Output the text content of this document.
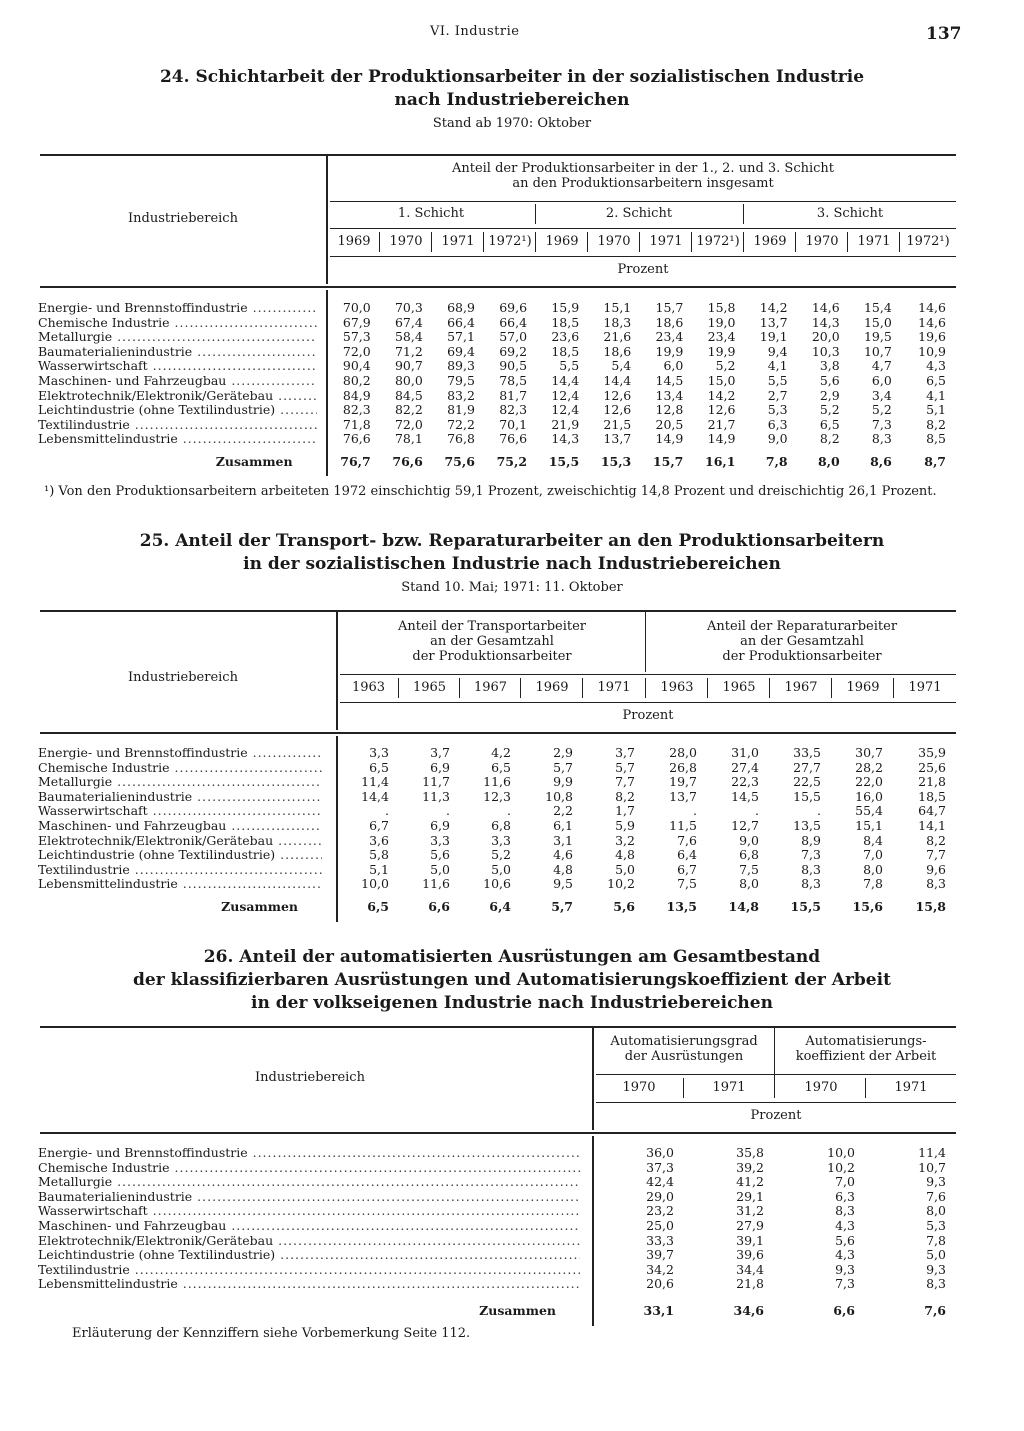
VI. Industrie	137
24. Schichtarbeit der Produktionsarbeiter in der sozialistischen Industrie
nach Industriebereichen
Stand ab 1970: Oktober
Industriebereich
Anteil der Produktionsarbeiter in der 1., 2. und 3. Schicht
an den Produktionsarbeitern insgesamt
1. Schicht	2. Schicht	3. Schicht
1969	1970	1971	1972¹)	1969	1970	1971	1972¹)	1969	1970	1971	1972¹)
Prozent
Energie- und Brennstoffindustrie .....		70,0	70,3	68,9	69,6	15,9	15,1	15,7	15,8	14,2	14,6	15,4	14,6
Chemische Industrie .....		67,9	67,4	66,4	66,4	18,5	18,3	18,6	19,0	13,7	14,3	15,0	14,6
Metallurgie .....		57,3	58,4	57,1	57,0	23,6	21,6	23,4	23,4	19,1	20,0	19,5	19,6
Baumaterialienindustrie .....		72,0	71,2	69,4	69,2	18,5	18,6	19,9	19,9	9,4	10,3	10,7	10,9
Wasserwirtschaft .....		90,4	90,7	89,3	90,5	5,5	5,4	6,0	5,2	4,1	3,8	4,7	4,3
Maschinen- und Fahrzeugbau .....		80,2	80,0	79,5	78,5	14,4	14,4	14,5	15,0	5,5	5,6	6,0	6,5
Elektrotechnik/Elektronik/Gerätebau .....		84,9	84,5	83,2	81,7	12,4	12,6	13,4	14,2	2,7	2,9	3,4	4,1
Leichtindustrie (ohne Textilindustrie) .....		82,3	82,2	81,9	82,3	12,4	12,6	12,8	12,6	5,3	5,2	5,2	5,1
Textilindustrie .....		71,8	72,0	72,2	70,1	21,9	21,5	20,5	21,7	6,3	6,5	7,3	8,2
Lebensmittelindustrie .....		76,6	78,1	76,8	76,6	14,3	13,7	14,9	14,9	9,0	8,2	8,3	8,5
Zusammen		76,7	76,6	75,6	75,2	15,5	15,3	15,7	16,1	7,8	8,0	8,6	8,7
¹) Von den Produktionsarbeitern arbeiteten 1972 einschichtig 59,1 Prozent, zweischichtig 14,8 Prozent und dreischichtig 26,1 Prozent.
25. Anteil der Transport- bzw. Reparaturarbeiter an den Produktionsarbeitern
in der sozialistischen Industrie nach Industriebereichen
Stand 10. Mai; 1971: 11. Oktober
Industriebereich
Anteil der Transportarbeiter
an der Gesamtzahl
der Produktionsarbeiter
Anteil der Reparaturarbeiter
an der Gesamtzahl
der Produktionsarbeiter
1963	1965	1967	1969	1971	1963	1965	1967	1969	1971
Prozent
Energie- und Brennstoffindustrie .....		3,3	3,7	4,2	2,9	3,7	28,0	31,0	33,5	30,7	35,9
Chemische Industrie .....		6,5	6,9	6,5	5,7	5,7	26,8	27,4	27,7	28,2	25,6
Metallurgie .....		11,4	11,7	11,6	9,9	7,7	19,7	22,3	22,5	22,0	21,8
Baumaterialienindustrie .....		14,4	11,3	12,3	10,8	8,2	13,7	14,5	15,5	16,0	18,5
Wasserwirtschaft .....		.	.	.	2,2	1,7	.	.	.	55,4	64,7
Maschinen- und Fahrzeugbau .....		6,7	6,9	6,8	6,1	5,9	11,5	12,7	13,5	15,1	14,1
Elektrotechnik/Elektronik/Gerätebau .....		3,6	3,3	3,3	3,1	3,2	7,6	9,0	8,9	8,4	8,2
Leichtindustrie (ohne Textilindustrie) .....		5,8	5,6	5,2	4,6	4,8	6,4	6,8	7,3	7,0	7,7
Textilindustrie .....		5,1	5,0	5,0	4,8	5,0	6,7	7,5	8,3	8,0	9,6
Lebensmittelindustrie .....		10,0	11,6	10,6	9,5	10,2	7,5	8,0	8,3	7,8	8,3
Zusammen		6,5	6,6	6,4	5,7	5,6	13,5	14,8	15,5	15,6	15,8
26. Anteil der automatisierten Ausrüstungen am Gesamtbestand
der klassifizierbaren Ausrüstungen und Automatisierungskoeffizient der Arbeit
in der volkseigenen Industrie nach Industriebereichen
Industriebereich
Automatisierungsgrad
der Ausrüstungen
Automatisierungs-
koeffizient der Arbeit
1970	1971	1970	1971
Prozent
Energie- und Brennstoffindustrie .....		36,0	35,8	10,0	11,4
Chemische Industrie .....		37,3	39,2	10,2	10,7
Metallurgie .....		42,4	41,2	7,0	9,3
Baumaterialienindustrie .....		29,0	29,1	6,3	7,6
Wasserwirtschaft .....		23,2	31,2	8,3	8,0
Maschinen- und Fahrzeugbau .....		25,0	27,9	4,3	5,3
Elektrotechnik/Elektronik/Gerätebau .....		33,3	39,1	5,6	7,8
Leichtindustrie (ohne Textilindustrie) .....		39,7	39,6	4,3	5,0
Textilindustrie .....		34,2	34,4	9,3	9,3
Lebensmittelindustrie .....		20,6	21,8	7,3	8,3
Zusammen		33,1	34,6	6,6	7,6
Erläuterung der Kennziffern siehe Vorbemerkung Seite 112.
